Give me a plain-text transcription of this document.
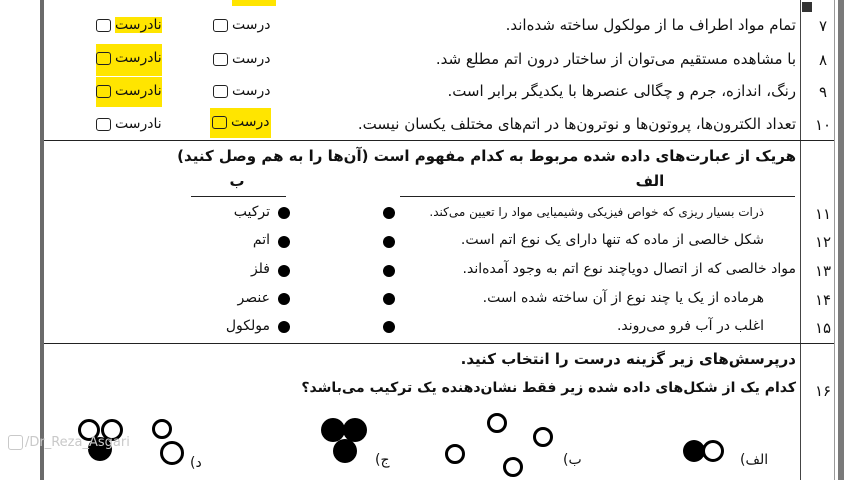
۷
تمام مواد اطراف ما از مولکول ساخته شده‌اند.
درست
نادرست
۸
با مشاهده مستقیم می‌توان از ساختار درون اتم مطلع شد.
درست
نادرست
۹
رنگ، اندازه، جرم و چگالی عنصرها با یکدیگر برابر است.
درست
نادرست
۱۰
تعداد الکترون‌ها، پروتون‌ها و نوترون‌ها در اتم‌های مختلف یکسان نیست.
درست
نادرست
هریک از عبارت‌های داده شده مربوط به کدام مفهوم است (آن‌ها را به هم وصل کنید)
الف
ب
۱۱
ذرات بسیار ریزی که خواص فیزیکی وشیمیایی مواد را تعیین می‌کند.
ترکیب
۱۲
شکل خالصی از ماده که تنها دارای یک نوع اتم است.
اتم
۱۳
مواد خالصی که از اتصال دویاچند نوع اتم به وجود آمده‌اند.
فلز
۱۴
هرماده از یک یا چند نوع از آن ساخته شده است.
عنصر
۱۵
اغلب در آب فرو می‌روند.
مولکول
درپرسش‌های زیر گزینه درست را انتخاب کنید.
۱۶
کدام یک از شکل‌های داده شده زیر فقط نشان‌دهنده یک ترکیب می‌باشد؟
الف)
ب)
ج)
د)
/Dr_Reza_Asgari
